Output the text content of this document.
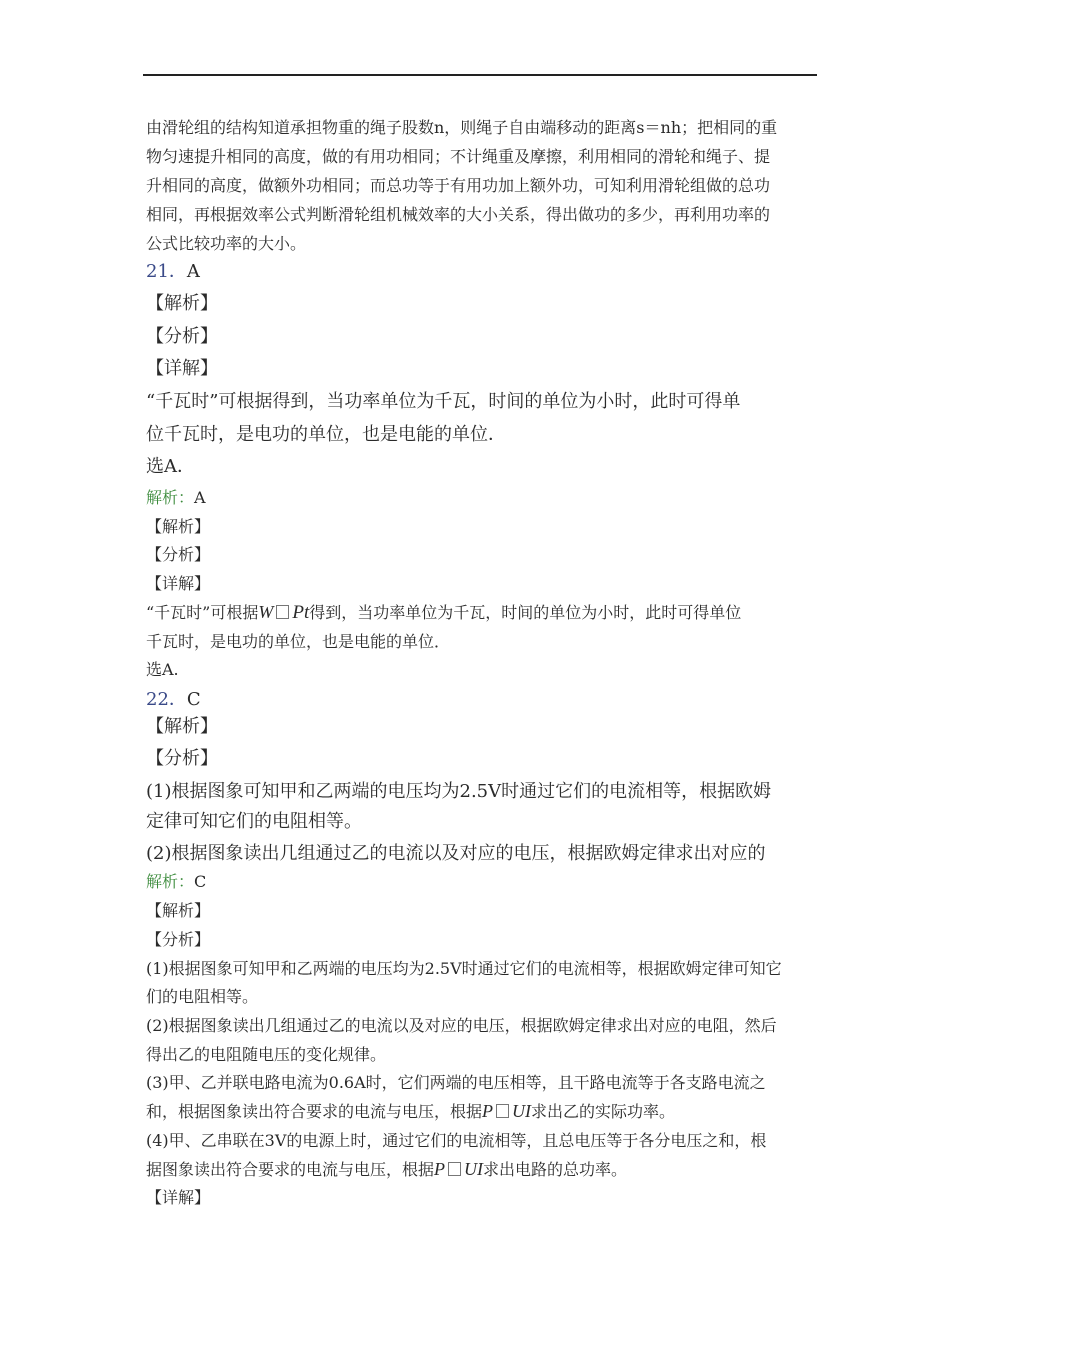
由滑轮组的结构知道承担物重的绳子股数n，则绳子自由端移动的距离s＝nh；把相同的重
物匀速提升相同的高度，做的有用功相同；不计绳重及摩擦，利用相同的滑轮和绳子、提
升相同的高度，做额外功相同；而总功等于有用功加上额外功，可知利用滑轮组做的总功
相同，再根据效率公式判断滑轮组机械效率的大小关系，得出做功的多少，再利用功率的
公式比较功率的大小。
21．A
【解析】
【分析】
【详解】
“千瓦时”可根据得到，当功率单位为千瓦，时间的单位为小时，此时可得单
位千瓦时，是电功的单位，也是电能的单位．
选A．
解析：A
【解析】
【分析】
【详解】
“千瓦时”可根据W Pt得到，当功率单位为千瓦，时间的单位为小时，此时可得单位
千瓦时，是电功的单位，也是电能的单位．
选A.
22．C
【解析】
【分析】
(1)根据图象可知甲和乙两端的电压均为2.5V时通过它们的电流相等，根据欧姆
定律可知它们的电阻相等。
(2)根据图象读出几组通过乙的电流以及对应的电压，根据欧姆定律求出对应的
解析：C
【解析】
【分析】
(1)根据图象可知甲和乙两端的电压均为2.5V时通过它们的电流相等，根据欧姆定律可知它
们的电阻相等。
(2)根据图象读出几组通过乙的电流以及对应的电压，根据欧姆定律求出对应的电阻，然后
得出乙的电阻随电压的变化规律。
(3)甲、乙并联电路电流为0.6A时，它们两端的电压相等，且干路电流等于各支路电流之
和，根据图象读出符合要求的电流与电压，根据P UI求出乙的实际功率。
(4)甲、乙串联在3V的电源上时，通过它们的电流相等，且总电压等于各分电压之和，根
据图象读出符合要求的电流与电压，根据P UI求出电路的总功率。
【详解】
